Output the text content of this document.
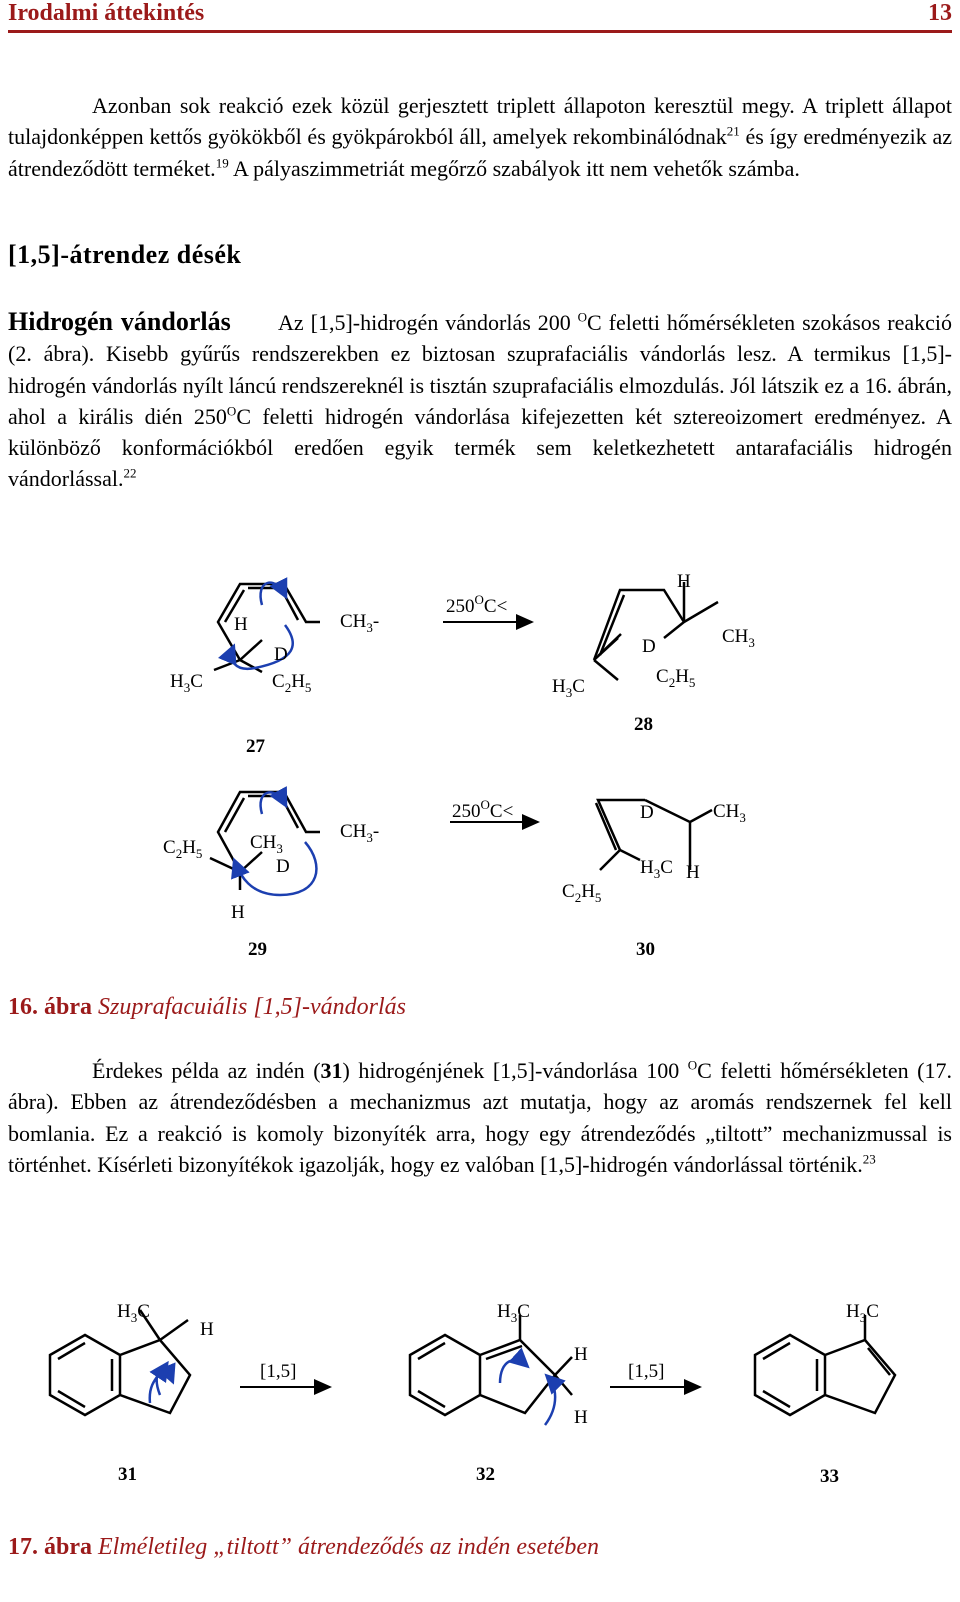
Irodalmi áttekintés	13
Azonban sok reakció ezek közül gerjesztett triplett állapoton keresztül megy. A triplett állapot tulajdonképpen kettős gyökökből és gyökpárokból áll, amelyek rekombinálódnak$^{21}$ és így eredményezik az átrendeződött terméket.$^{19}$ A pályaszimmetriát megőrző szabályok itt nem vehetők számba.
[1,5]-átrendez désék
Hidrogén vándorlás Az [1,5]-hidrogén vándorlás 200 $^O$C feletti hőmérsékleten szokásos reakció (2. ábra). Kisebb gyűrűs rendszerekben ez biztosan szuprafaciális vándorlás lesz. A termikus [1,5]-hidrogén vándorlás nyílt láncú rendszereknél is tisztán szuprafaciális elmozdulás. Jól látszik ez a 16. ábrán, ahol a királis dién $250^OC$ feletti hidrogén vándorlása kifejezetten két sztereoizomert eredményez. A különböző konformációkból eredően egyik termék sem keletkezhetett antarafaciális hidrogén vándorlással.$^{22}$
H
D
$CH_3-$
$H_3C$	$C_2H_5$
27
$250^OC<$
H
D	$CH_3$
$H_3C$	$C_2H_5$
28
$C_2H_5$
$CH_3$
D
$CH_3-$
H
29
$250^OC<$	D	$CH_3$
$H_3C$ H
$C_2H_5$
30
16. ábra Szuprafacuiális [1,5]-vándorlás
Érdekes példa az indén (31) hidrogénjének [1,5]-vándorlása 100 $^O$C feletti hőmérsékleten (17. ábra). Ebben az átrendeződésben a mechanizmus azt mutatja, hogy az aromás rendszernek fel kell bomlania. Ez a reakció is komoly bizonyíték arra, hogy egy átrendeződés „tiltott” mechanizmussal is történhet. Kísérleti bizonyítékok igazolják, hogy ez valóban [1,5]-hidrogén vándorlással történik.$^{23}$
$H_3C$
H
31
[1,5]
$H_3C$
H
H
32
[1,5]
$H_3C$
33
17. ábra Elméletileg „tiltott” átrendeződés az indén esetében
